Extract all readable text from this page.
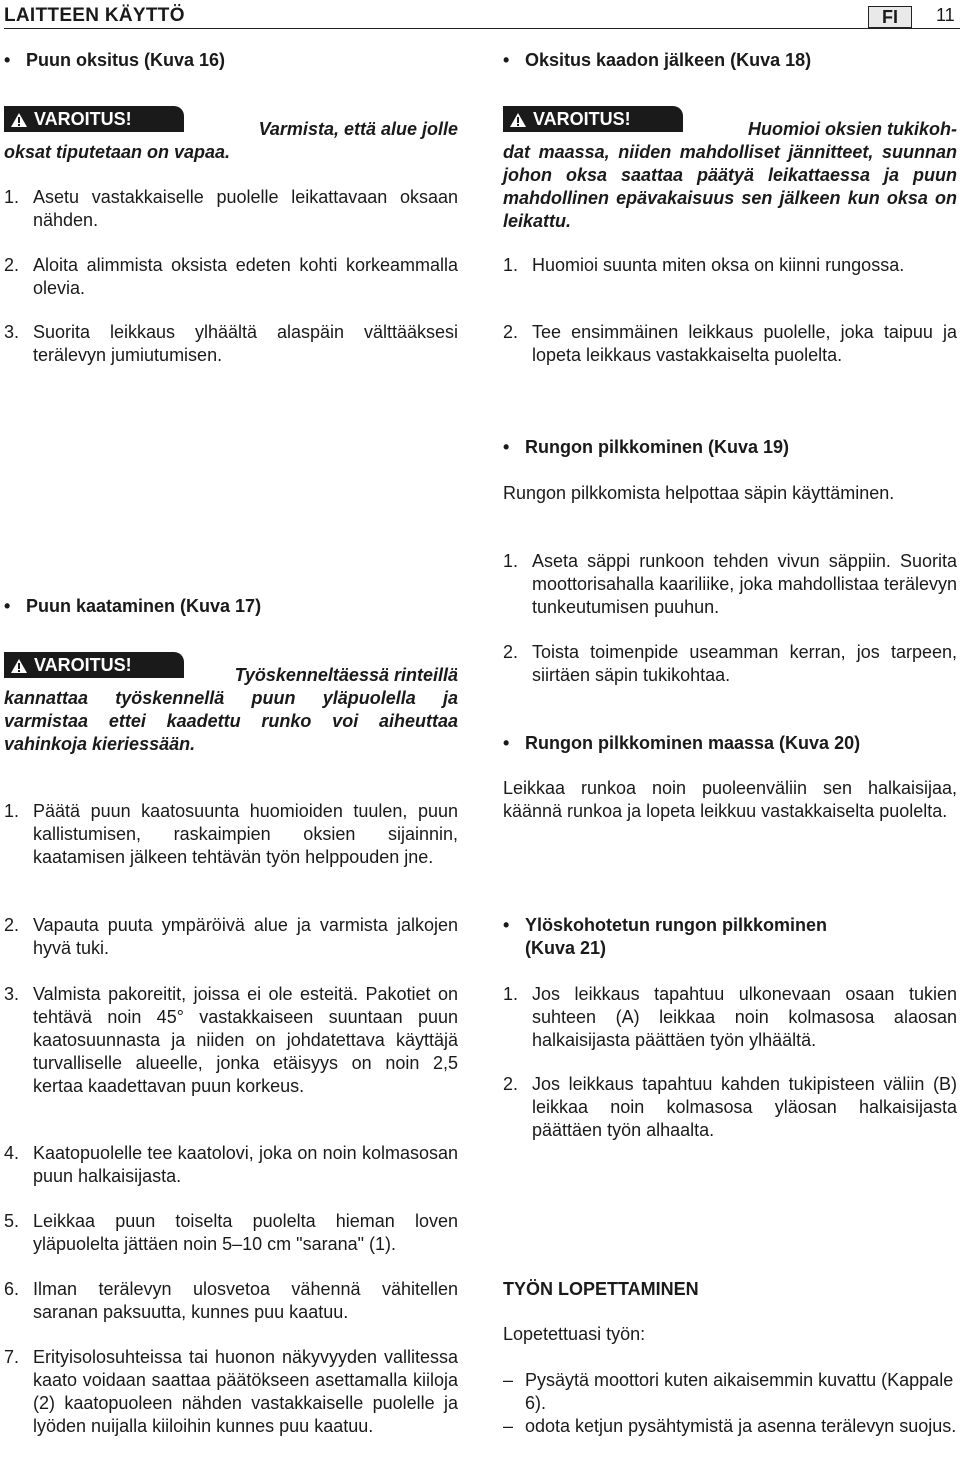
LAITTEEN KÄYTTÖ	FI	11
• Puun oksitus (Kuva 16)
VAROITUS!	Varmista, että alue jolle
oksat tiputetaan on vapaa.
1. Asetu vastakkaiselle puolelle leikattavaan oksaan nähden.
2. Aloita alimmista oksista edeten kohti korkeammalla olevia.
3. Suorita leikkaus ylhäältä alaspäin välttääksesi terälevyn jumiutumisen.
• Puun kaataminen (Kuva 17)
VAROITUS!	Työskenneltäessä rinteillä
kannattaa työskennellä puun yläpuolella ja varmistaa ettei kaadettu runko voi aiheuttaa vahinkoja kieriessään.
1. Päätä puun kaatosuunta huomioiden tuulen, puun kallistumisen, raskaimpien oksien sijainnin, kaatamisen jälkeen tehtävän työn helppouden jne.
2. Vapauta puuta ympäröivä alue ja varmista jalkojen hyvä tuki.
3. Valmista pakoreitit, joissa ei ole esteitä. Pakotiet on tehtävä noin 45° vastakkaiseen suuntaan puun kaatosuunnasta ja niiden on johdatettava käyttäjä turvalliselle alueelle, jonka etäisyys on noin 2,5 kertaa kaadettavan puun korkeus.
4. Kaatopuolelle tee kaatolovi, joka on noin kolmasosan puun halkaisijasta.
5. Leikkaa puun toiselta puolelta hieman loven yläpuolelta jättäen noin 5–10 cm "sarana" (1).
6. Ilman terälevyn ulosvetoa vähennä vähitellen saranan paksuutta, kunnes puu kaatuu.
7. Erityisolosuhteissa tai huonon näkyvyyden vallitessa kaato voidaan saattaa päätökseen asettamalla kiiloja (2) kaatopuoleen nähden vastakkaiselle puolelle ja lyöden nuijalla kiiloihin kunnes puu kaatuu.
• Oksitus kaadon jälkeen (Kuva 18)
VAROITUS!	Huomioi oksien tukikoh-
dat maassa, niiden mahdolliset jännitteet, suunnan johon oksa saattaa päätyä leikattaessa ja puun mahdollinen epävakaisuus sen jälkeen kun oksa on leikattu.
1. Huomioi suunta miten oksa on kiinni rungossa.
2. Tee ensimmäinen leikkaus puolelle, joka taipuu ja lopeta leikkaus vastakkaiselta puolelta.
• Rungon pilkkominen (Kuva 19)
Rungon pilkkomista helpottaa säpin käyttäminen.
1. Aseta säppi runkoon tehden vivun säppiin. Suorita moottorisahalla kaariliike, joka mahdollistaa terälevyn tunkeutumisen puuhun.
2. Toista toimenpide useamman kerran, jos tarpeen, siirtäen säpin tukikohtaa.
• Rungon pilkkominen maassa (Kuva 20)
Leikkaa runkoa noin puoleenväliin sen halkaisijaa, käännä runkoa ja lopeta leikkuu vastakkaiselta puolelta.
• Ylöskohotetun rungon pilkkominen
(Kuva 21)
1. Jos leikkaus tapahtuu ulkonevaan osaan tukien suhteen (A) leikkaa noin kolmasosa alaosan halkaisijasta päättäen työn ylhäältä.
2. Jos leikkaus tapahtuu kahden tukipisteen väliin (B) leikkaa noin kolmasosa yläosan halkaisijasta päättäen työn alhaalta.
TYÖN LOPETTAMINEN
Lopetettuasi työn:
– Pysäytä moottori kuten aikaisemmin kuvattu (Kappale 6).
– odota ketjun pysähtymistä ja asenna terälevyn suojus.
